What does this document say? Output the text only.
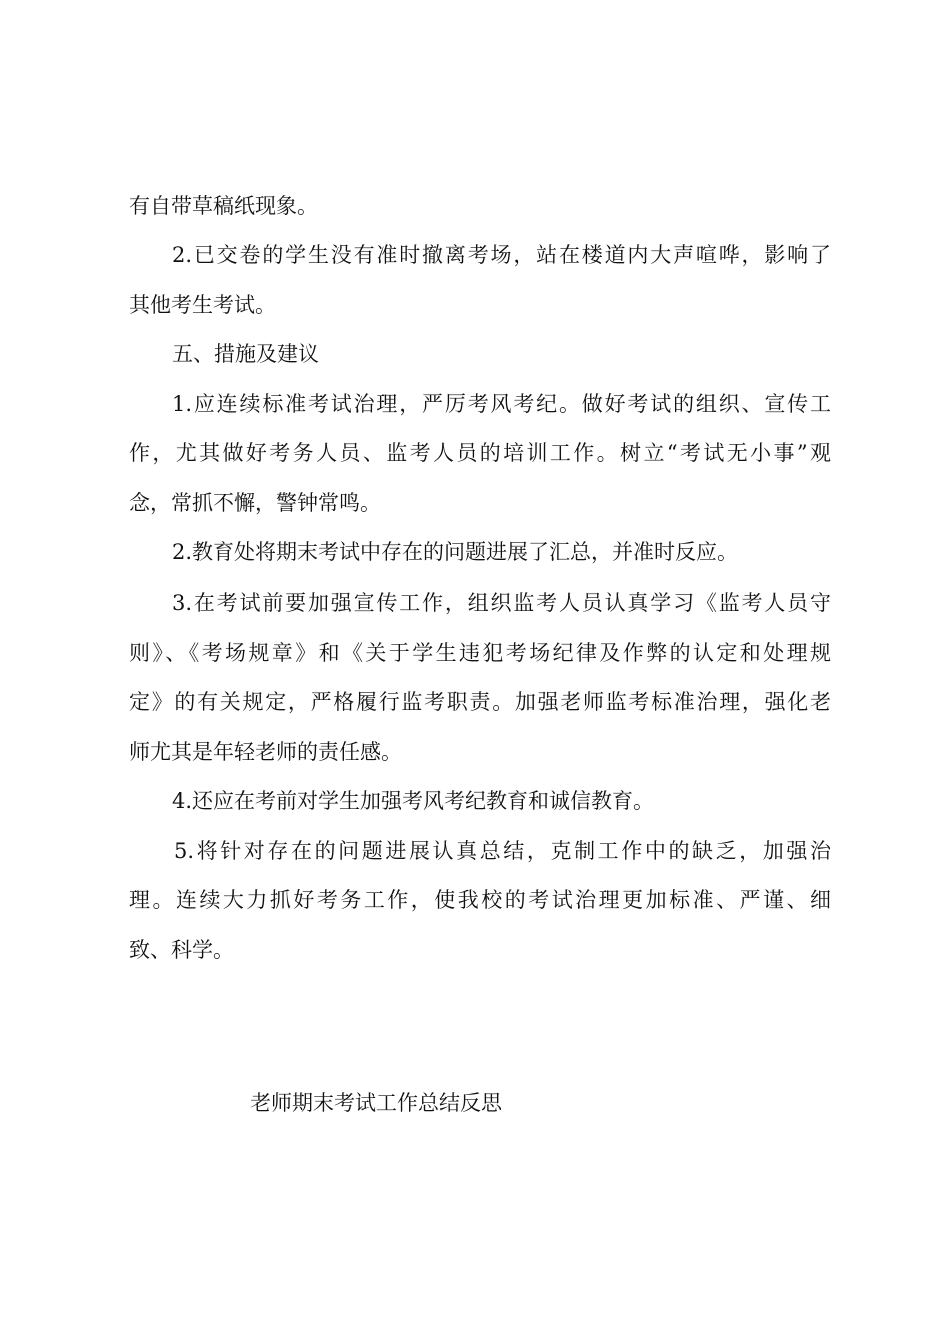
有自带草稿纸现象。

2.已交卷的学生没有准时撤离考场，站在楼道内大声喧哗，影响了

其他考生考试。

五、措施及建议

1.应连续标准考试治理，严厉考风考纪。做好考试的组织、宣传工

作，尤其做好考务人员、监考人员的培训工作。树立“考试无小事”观

念，常抓不懈，警钟常鸣。

2.教育处将期末考试中存在的问题进展了汇总，并准时反应。

3.在考试前要加强宣传工作，组织监考人员认真学习《监考人员守

则》、《考场规章》和《关于学生违犯考场纪律及作弊的认定和处理规

定》的有关规定，严格履行监考职责。加强老师监考标准治理，强化老

师尤其是年轻老师的责任感。

4.还应在考前对学生加强考风考纪教育和诚信教育。

5.将针对存在的问题进展认真总结，克制工作中的缺乏，加强治

理。连续大力抓好考务工作，使我校的考试治理更加标准、严谨、细

致、科学。

老师期末考试工作总结反思
